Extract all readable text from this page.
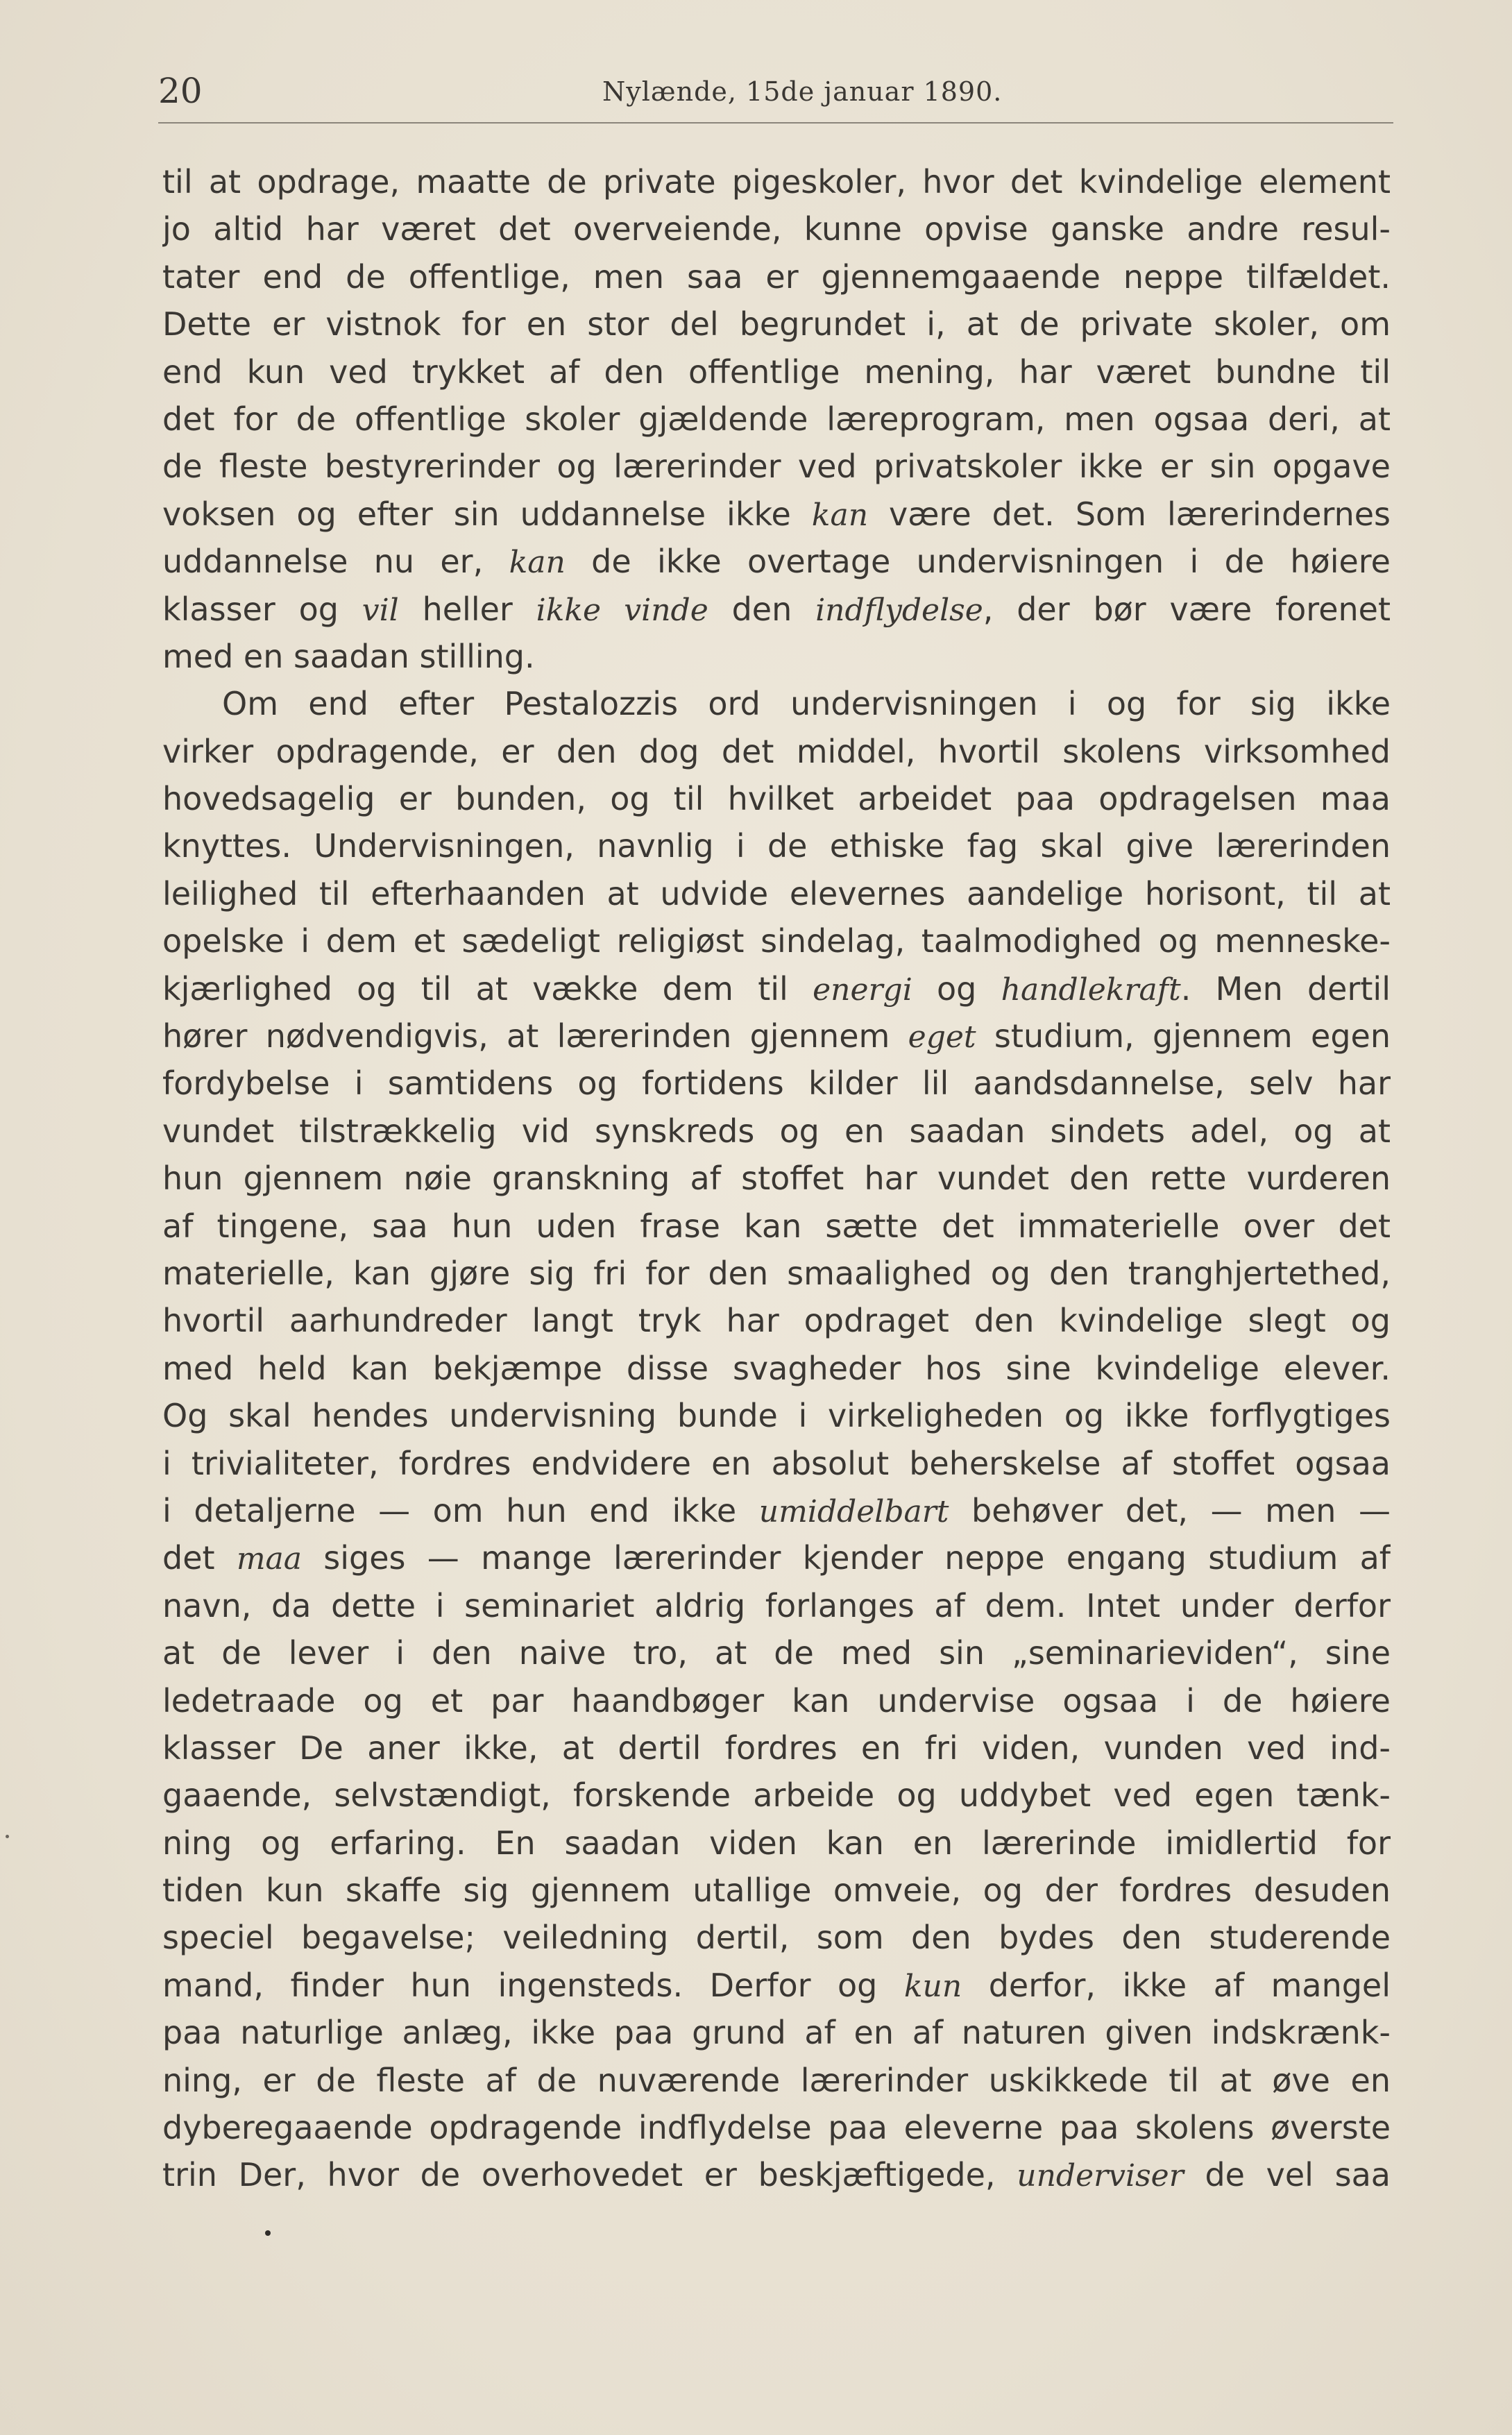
20	Nylænde, 15de januar 1890.
til at opdrage, maatte de private pigeskoler, hvor det kvindelige element
jo altid har været det overveiende, kunne opvise ganske andre resul-
tater end de offentlige, men saa er gjennemgaaende neppe tilfældet.
Dette er vistnok for en stor del begrundet i, at de private skoler, om
end kun ved trykket af den offentlige mening, har været bundne til
det for de offentlige skoler gjældende læreprogram, men ogsaa deri, at
de fleste bestyrerinder og lærerinder ved privatskoler ikke er sin opgave
voksen og efter sin uddannelse ikke kan være det. Som lærerindernes
uddannelse nu er, kan de ikke overtage undervisningen i de høiere
klasser og vil heller ikke vinde den indflydelse, der bør være forenet
med en saadan stilling.
Om end efter Pestalozzis ord undervisningen i og for sig ikke
virker opdragende, er den dog det middel, hvortil skolens virksomhed
hovedsagelig er bunden, og til hvilket arbeidet paa opdragelsen maa
knyttes. Undervisningen, navnlig i de ethiske fag skal give lærerinden
leilighed til efterhaanden at udvide elevernes aandelige horisont, til at
opelske i dem et sædeligt religiøst sindelag, taalmodighed og menneske-
kjærlighed og til at vække dem til energi og handlekraft. Men dertil
hører nødvendigvis, at lærerinden gjennem eget studium, gjennem egen
fordybelse i samtidens og fortidens kilder lil aandsdannelse, selv har
vundet tilstrækkelig vid synskreds og en saadan sindets adel, og at
hun gjennem nøie granskning af stoffet har vundet den rette vurderen
af tingene, saa hun uden frase kan sætte det immaterielle over det
materielle, kan gjøre sig fri for den smaalighed og den tranghjertethed,
hvortil aarhundreder langt tryk har opdraget den kvindelige slegt og
med held kan bekjæmpe disse svagheder hos sine kvindelige elever.
Og skal hendes undervisning bunde i virkeligheden og ikke forflygtiges
i trivialiteter, fordres endvidere en absolut beherskelse af stoffet ogsaa
i detaljerne — om hun end ikke umiddelbart behøver det, — men —
det maa siges — mange lærerinder kjender neppe engang studium af
navn, da dette i seminariet aldrig forlanges af dem. Intet under derfor
at de lever i den naive tro, at de med sin „seminarieviden“, sine
ledetraade og et par haandbøger kan undervise ogsaa i de høiere
klasser De aner ikke, at dertil fordres en fri viden, vunden ved ind-
gaaende, selvstændigt, forskende arbeide og uddybet ved egen tænk-
ning og erfaring. En saadan viden kan en lærerinde imidlertid for
tiden kun skaffe sig gjennem utallige omveie, og der fordres desuden
speciel begavelse; veiledning dertil, som den bydes den studerende
mand, finder hun ingensteds. Derfor og kun derfor, ikke af mangel
paa naturlige anlæg, ikke paa grund af en af naturen given indskrænk-
ning, er de fleste af de nuværende lærerinder uskikkede til at øve en
dyberegaaende opdragende indflydelse paa eleverne paa skolens øverste
trin Der, hvor de overhovedet er beskjæftigede, underviser de vel saa
